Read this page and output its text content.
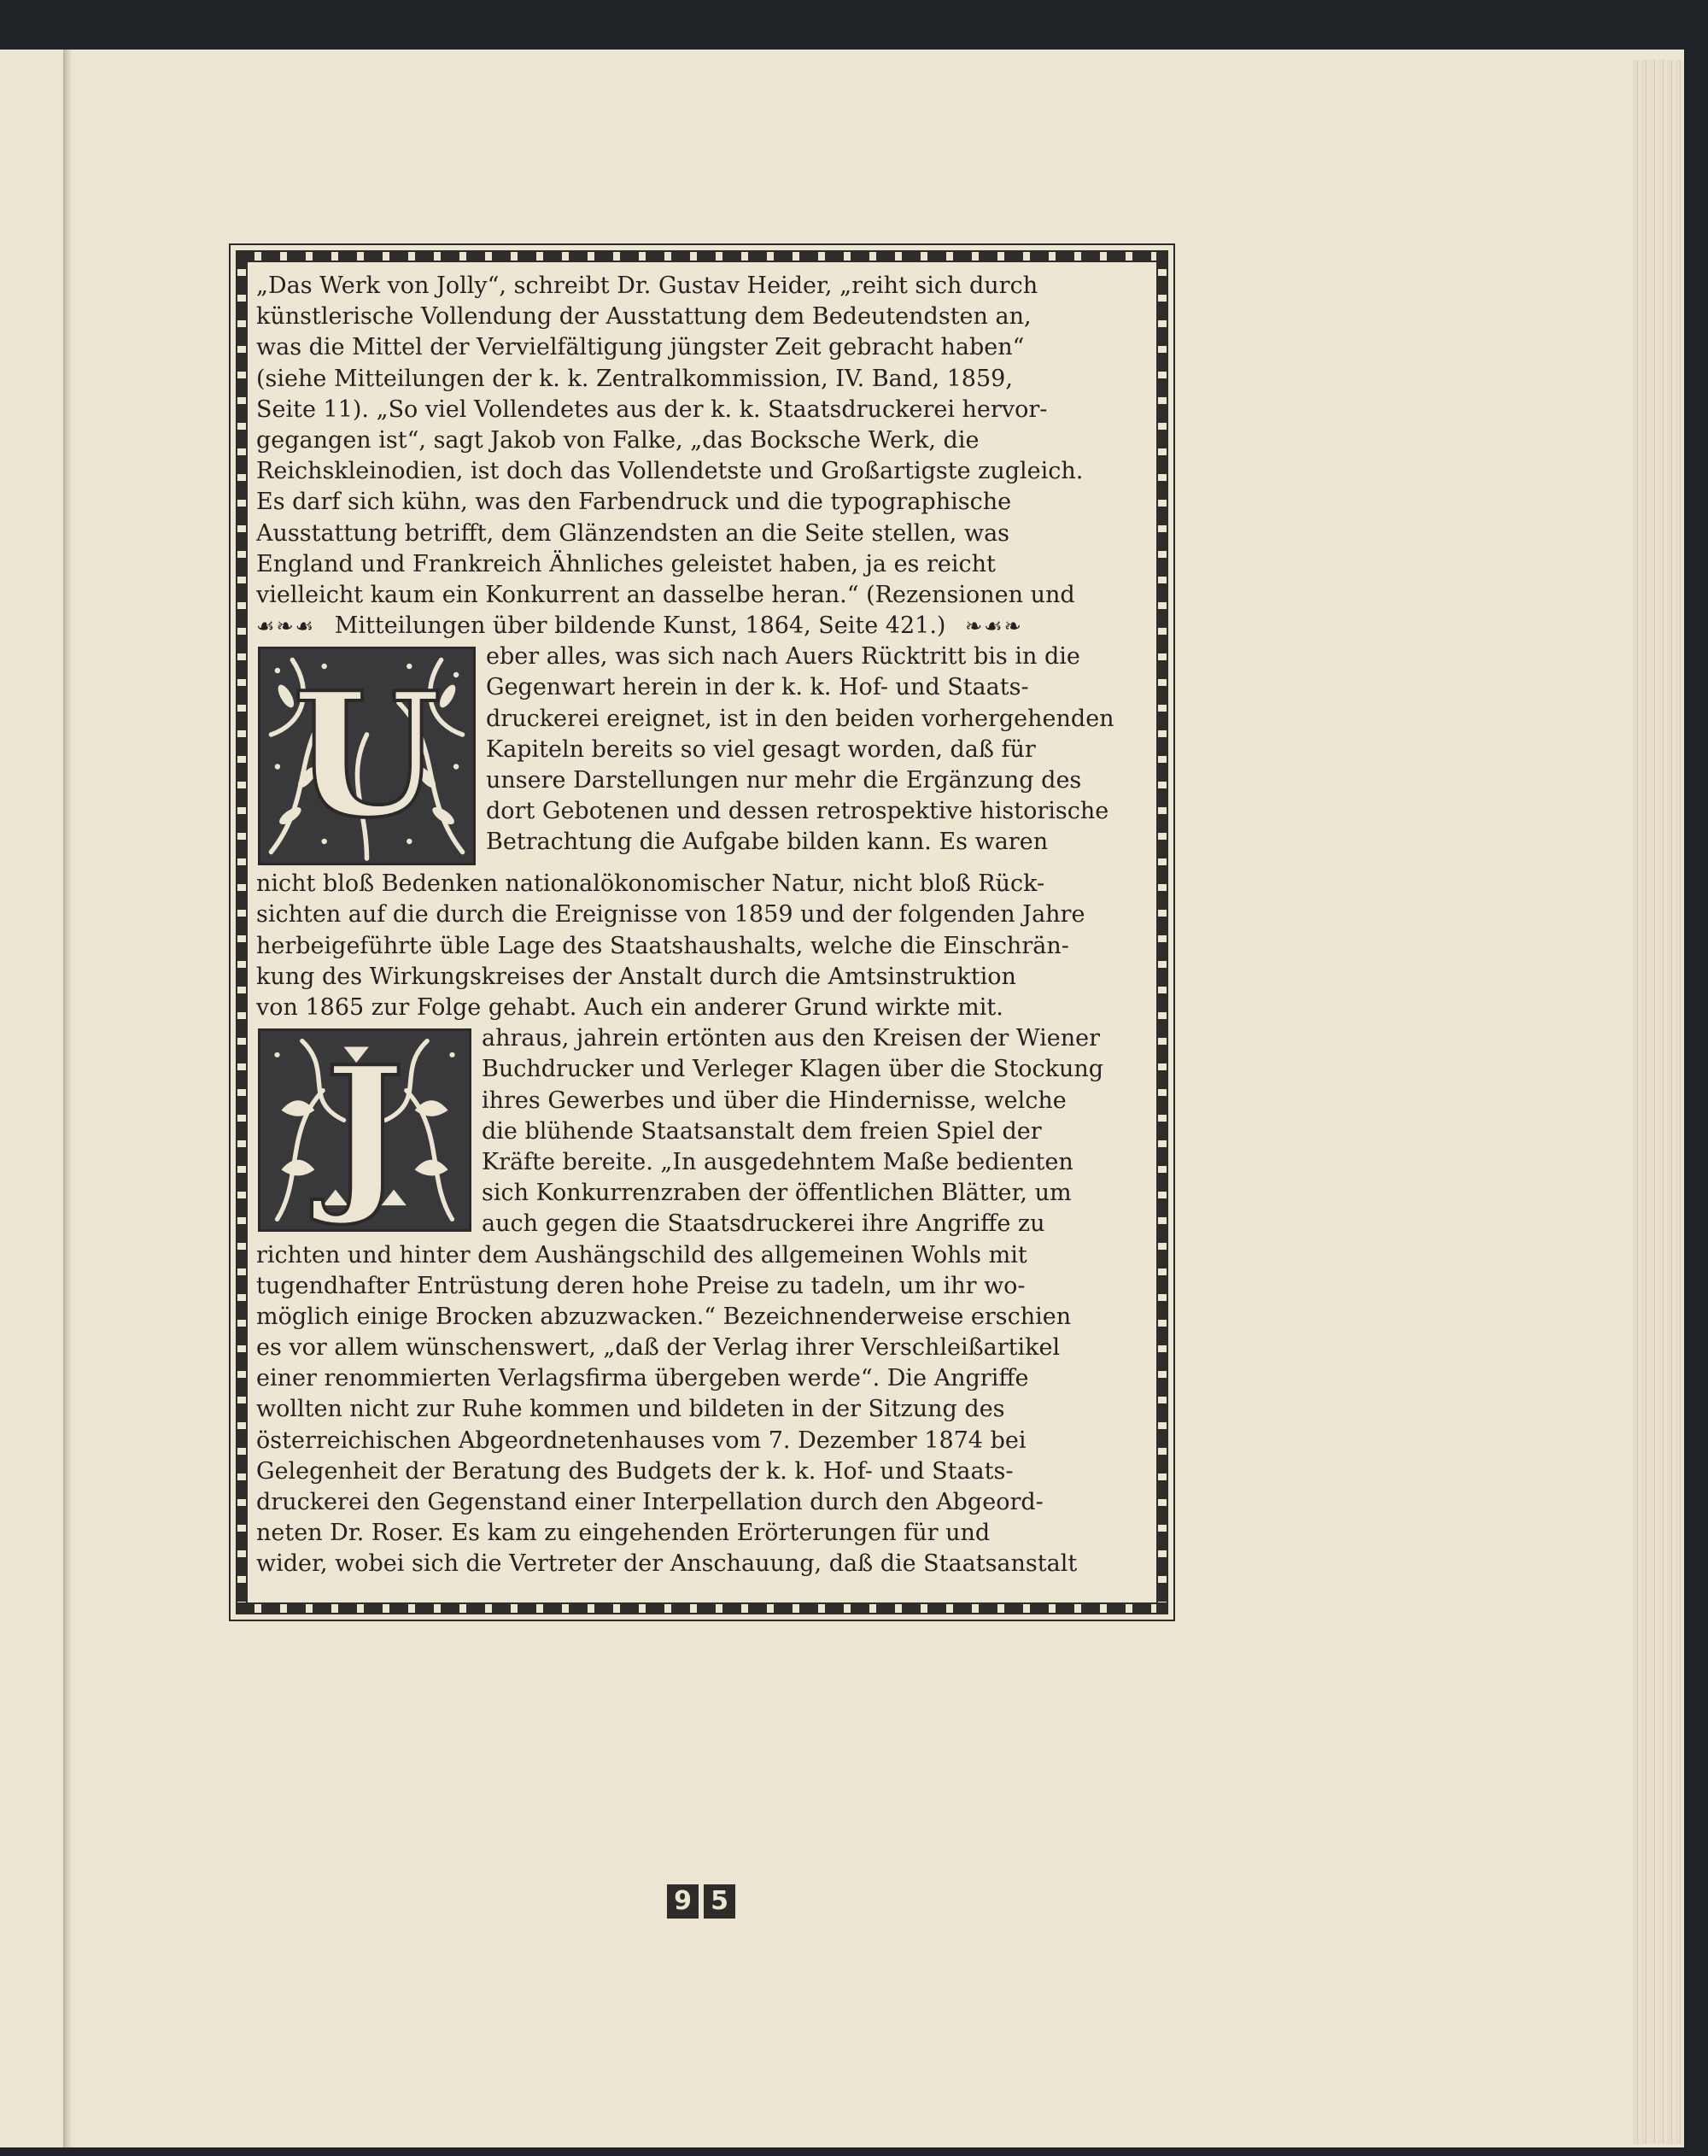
„Das Werk von Jolly“, schreibt Dr. Gustav Heider, „reiht sich durch
künstlerische Vollendung der Ausstattung dem Bedeutendsten an,
was die Mittel der Vervielfältigung jüngster Zeit gebracht haben“
(siehe Mitteilungen der k. k. Zentralkommission, IV. Band, 1859,
Seite 11). „So viel Vollendetes aus der k. k. Staatsdruckerei hervor-
gegangen ist“, sagt Jakob von Falke, „das Bocksche Werk, die
Reichskleinodien, ist doch das Vollendetste und Großartigste zugleich.
Es darf sich kühn, was den Farbendruck und die typographische
Ausstattung betrifft, dem Glänzendsten an die Seite stellen, was
England und Frankreich Ähnliches geleistet haben, ja es reicht
vielleicht kaum ein Konkurrent an dasselbe heran.“ (Rezensionen und
☙❧☙ Mitteilungen über bildende Kunst, 1864, Seite 421.) ❧☙❧
U	eber alles, was sich nach Auers Rücktritt bis in die
Gegenwart herein in der k. k. Hof- und Staats-
druckerei ereignet, ist in den beiden vorhergehenden
Kapiteln bereits so viel gesagt worden, daß für
unsere Darstellungen nur mehr die Ergänzung des
dort Gebotenen und dessen retrospektive historische
Betrachtung die Aufgabe bilden kann. Es waren
nicht bloß Bedenken nationalökonomischer Natur, nicht bloß Rück-
sichten auf die durch die Ereignisse von 1859 und der folgenden Jahre
herbeigeführte üble Lage des Staatshaushalts, welche die Einschrän-
kung des Wirkungskreises der Anstalt durch die Amtsinstruktion
von 1865 zur Folge gehabt. Auch ein anderer Grund wirkte mit.
J	ahraus, jahrein ertönten aus den Kreisen der Wiener
Buchdrucker und Verleger Klagen über die Stockung
ihres Gewerbes und über die Hindernisse, welche
die blühende Staatsanstalt dem freien Spiel der
Kräfte bereite. „In ausgedehntem Maße bedienten
sich Konkurrenzraben der öffentlichen Blätter, um
auch gegen die Staatsdruckerei ihre Angriffe zu
richten und hinter dem Aushängschild des allgemeinen Wohls mit
tugendhafter Entrüstung deren hohe Preise zu tadeln, um ihr wo-
möglich einige Brocken abzuzwacken.“ Bezeichnenderweise erschien
es vor allem wünschenswert, „daß der Verlag ihrer Verschleißartikel
einer renommierten Verlagsfirma übergeben werde“. Die Angriffe
wollten nicht zur Ruhe kommen und bildeten in der Sitzung des
österreichischen Abgeordnetenhauses vom 7. Dezember 1874 bei
Gelegenheit der Beratung des Budgets der k. k. Hof- und Staats-
druckerei den Gegenstand einer Interpellation durch den Abgeord-
neten Dr. Roser. Es kam zu eingehenden Erörterungen für und
wider, wobei sich die Vertreter der Anschauung, daß die Staatsanstalt
9 5
